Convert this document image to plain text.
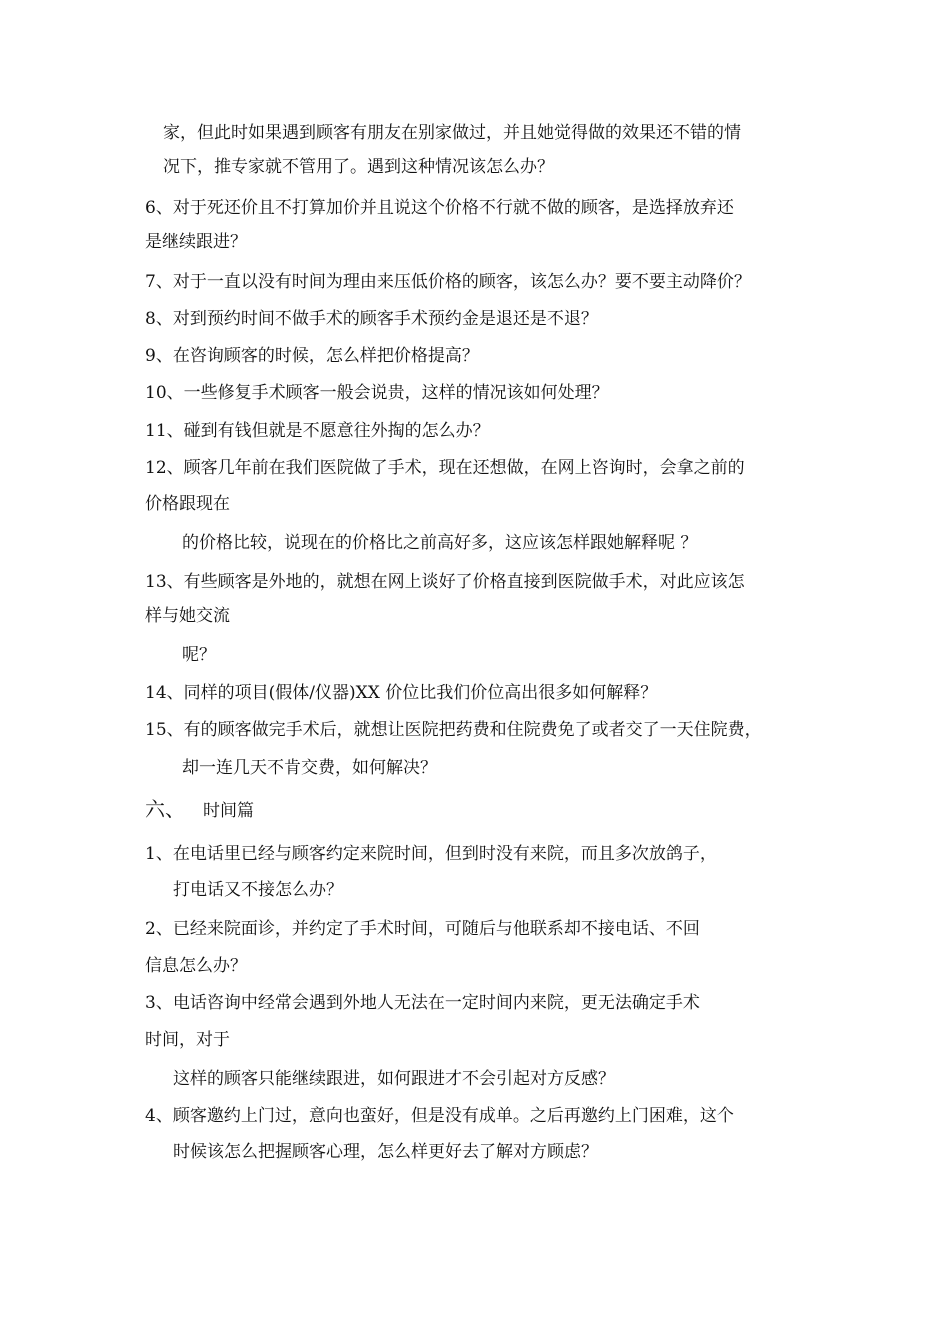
家，但此时如果遇到顾客有朋友在别家做过，并且她觉得做的效果还不错的情
况下，推专家就不管用了。遇到这种情况该怎么办？
6、对于死还价且不打算加价并且说这个价格不行就不做的顾客，是选择放弃还
是继续跟进？
7、对于一直以没有时间为理由来压低价格的顾客，该怎么办？要不要主动降价？
8、对到预约时间不做手术的顾客手术预约金是退还是不退？
9、在咨询顾客的时候，怎么样把价格提高？
10、一些修复手术顾客一般会说贵，这样的情况该如何处理？
11、碰到有钱但就是不愿意往外掏的怎么办？
12、顾客几年前在我们医院做了手术，现在还想做，在网上咨询时，会拿之前的
价格跟现在
的价格比较，说现在的价格比之前高好多，这应该怎样跟她解释呢 ？
13、有些顾客是外地的，就想在网上谈好了价格直接到医院做手术，对此应该怎
样与她交流
呢？
14、同样的项目(假体/仪器)XX 价位比我们价位高出很多如何解释？
15、有的顾客做完手术后，就想让医院把药费和住院费免了或者交了一天住院费，
却一连几天不肯交费，如何解决？
六、 时间篇
1、在电话里已经与顾客约定来院时间，但到时没有来院，而且多次放鸽子，
打电话又不接怎么办？
2、已经来院面诊，并约定了手术时间，可随后与他联系却不接电话、不回
信息怎么办？
3、电话咨询中经常会遇到外地人无法在一定时间内来院，更无法确定手术
时间，对于
这样的顾客只能继续跟进，如何跟进才不会引起对方反感？
4、顾客邀约上门过，意向也蛮好，但是没有成单。之后再邀约上门困难，这个
时候该怎么把握顾客心理，怎么样更好去了解对方顾虑？
